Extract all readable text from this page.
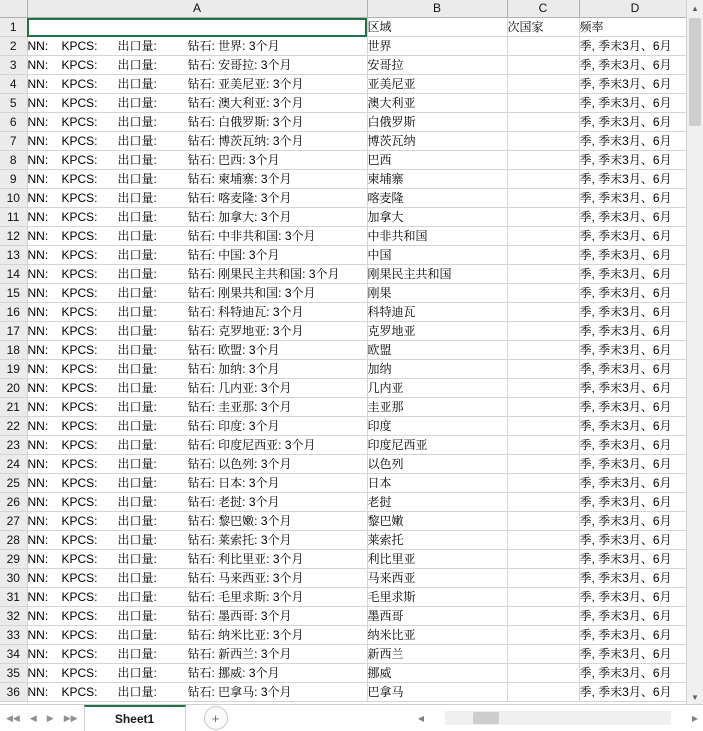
	A	B	C	D	
1		区域	次国家	频率	
2	NN: KPCS: 出口量: 钻石: 世界: 3个月	世界		季, 季末3月、6月	
3	NN: KPCS: 出口量: 钻石: 安哥拉: 3个月	安哥拉		季, 季末3月、6月	
4	NN: KPCS: 出口量: 钻石: 亚美尼亚: 3个月	亚美尼亚		季, 季末3月、6月	
5	NN: KPCS: 出口量: 钻石: 澳大利亚: 3个月	澳大利亚		季, 季末3月、6月	
6	NN: KPCS: 出口量: 钻石: 白俄罗斯: 3个月	白俄罗斯		季, 季末3月、6月	
7	NN: KPCS: 出口量: 钻石: 博茨瓦纳: 3个月	博茨瓦纳		季, 季末3月、6月	
8	NN: KPCS: 出口量: 钻石: 巴西: 3个月	巴西		季, 季末3月、6月	
9	NN: KPCS: 出口量: 钻石: 柬埔寨: 3个月	柬埔寨		季, 季末3月、6月	
10	NN: KPCS: 出口量: 钻石: 喀麦隆: 3个月	喀麦隆		季, 季末3月、6月	
11	NN: KPCS: 出口量: 钻石: 加拿大: 3个月	加拿大		季, 季末3月、6月	
12	NN: KPCS: 出口量: 钻石: 中非共和国: 3个月	中非共和国		季, 季末3月、6月	
13	NN: KPCS: 出口量: 钻石: 中国: 3个月	中国		季, 季末3月、6月	
14	NN: KPCS: 出口量: 钻石: 刚果民主共和国: 3个月	刚果民主共和国		季, 季末3月、6月	
15	NN: KPCS: 出口量: 钻石: 刚果共和国: 3个月	刚果		季, 季末3月、6月	
16	NN: KPCS: 出口量: 钻石: 科特迪瓦: 3个月	科特迪瓦		季, 季末3月、6月	
17	NN: KPCS: 出口量: 钻石: 克罗地亚: 3个月	克罗地亚		季, 季末3月、6月	
18	NN: KPCS: 出口量: 钻石: 欧盟: 3个月	欧盟		季, 季末3月、6月	
19	NN: KPCS: 出口量: 钻石: 加纳: 3个月	加纳		季, 季末3月、6月	
20	NN: KPCS: 出口量: 钻石: 几内亚: 3个月	几内亚		季, 季末3月、6月	
21	NN: KPCS: 出口量: 钻石: 圭亚那: 3个月	圭亚那		季, 季末3月、6月	
22	NN: KPCS: 出口量: 钻石: 印度: 3个月	印度		季, 季末3月、6月	
23	NN: KPCS: 出口量: 钻石: 印度尼西亚: 3个月	印度尼西亚		季, 季末3月、6月	
24	NN: KPCS: 出口量: 钻石: 以色列: 3个月	以色列		季, 季末3月、6月	
25	NN: KPCS: 出口量: 钻石: 日本: 3个月	日本		季, 季末3月、6月	
26	NN: KPCS: 出口量: 钻石: 老挝: 3个月	老挝		季, 季末3月、6月	
27	NN: KPCS: 出口量: 钻石: 黎巴嫩: 3个月	黎巴嫩		季, 季末3月、6月	
28	NN: KPCS: 出口量: 钻石: 莱索托: 3个月	莱索托		季, 季末3月、6月	
29	NN: KPCS: 出口量: 钻石: 利比里亚: 3个月	利比里亚		季, 季末3月、6月	
30	NN: KPCS: 出口量: 钻石: 马来西亚: 3个月	马来西亚		季, 季末3月、6月	
31	NN: KPCS: 出口量: 钻石: 毛里求斯: 3个月	毛里求斯		季, 季末3月、6月	
32	NN: KPCS: 出口量: 钻石: 墨西哥: 3个月	墨西哥		季, 季末3月、6月	
33	NN: KPCS: 出口量: 钻石: 纳米比亚: 3个月	纳米比亚		季, 季末3月、6月	
34	NN: KPCS: 出口量: 钻石: 新西兰: 3个月	新西兰		季, 季末3月、6月	
35	NN: KPCS: 出口量: 钻石: 挪威: 3个月	挪威		季, 季末3月、6月	
36	NN: KPCS: 出口量: 钻石: 巴拿马: 3个月	巴拿马		季, 季末3月、6月	
▲
▼
◀◀ ◀ ▶ ▶▶	Sheet1	+	◀	▶
